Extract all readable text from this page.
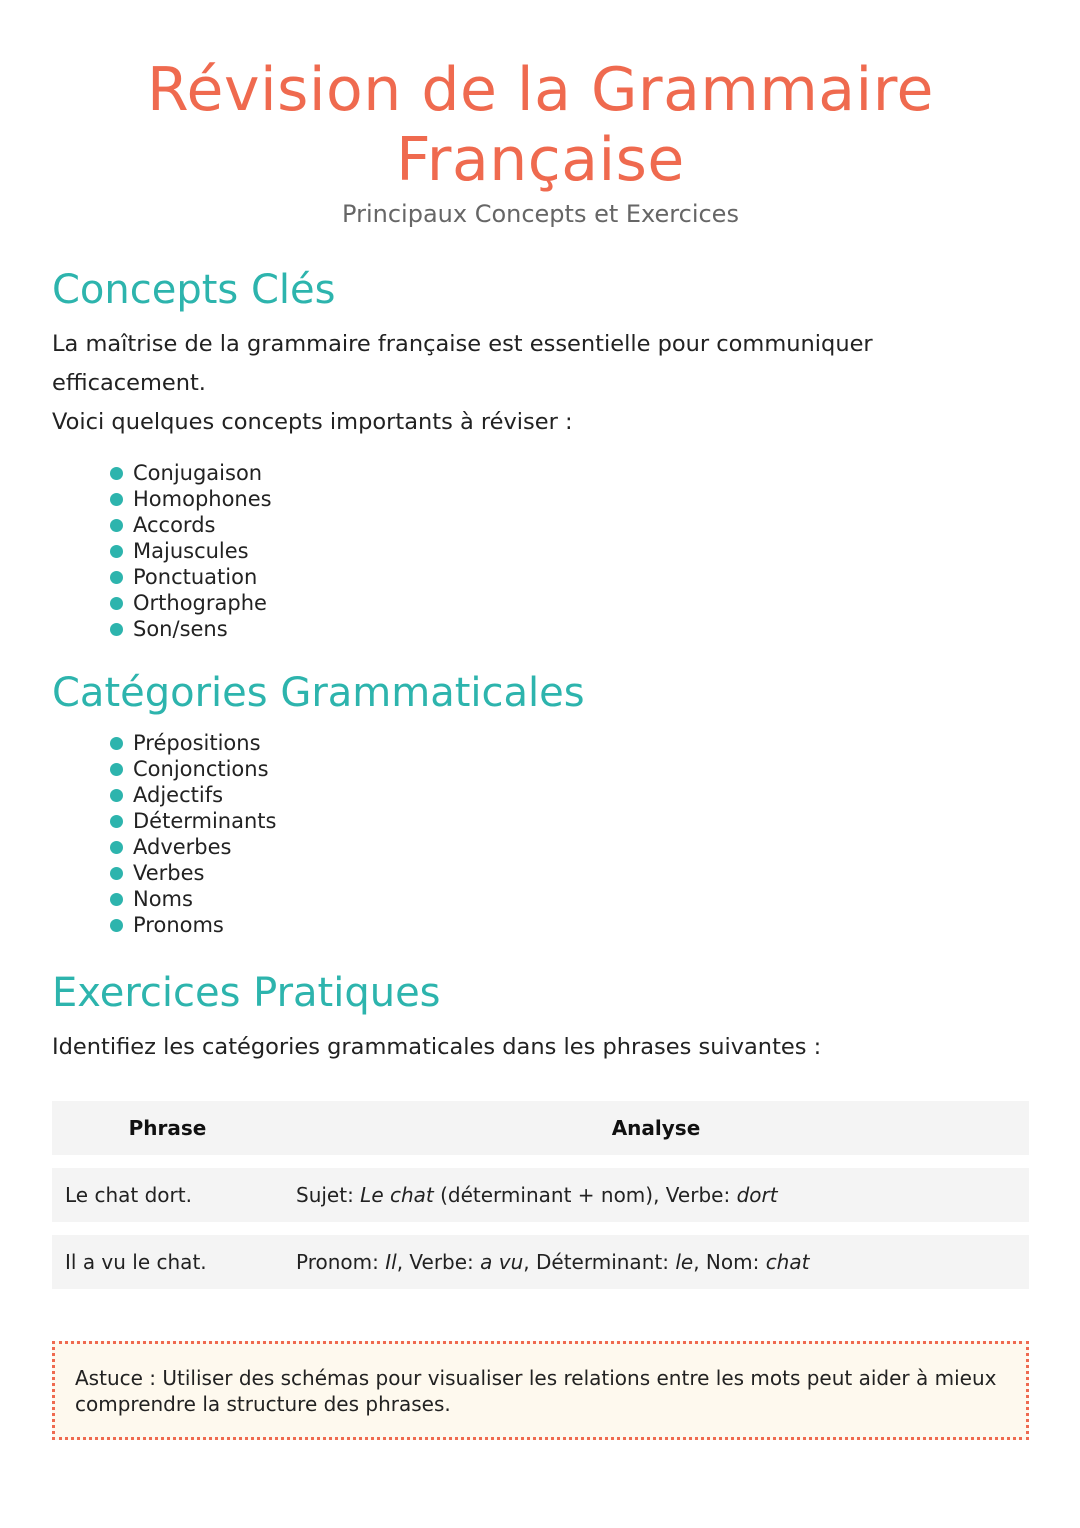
Révision de la Grammaire
Française

Principaux Concepts et Exercices

Concepts Clés

La maîtrise de la grammaire française est essentielle pour communiquer efficacement.
Voici quelques concepts importants à réviser :

Conjugaison
Homophones
Accords
Majuscules
Ponctuation
Orthographe
Son/sens
Catégories Grammaticales
Prépositions
Conjonctions
Adjectifs
Déterminants
Adverbes
Verbes
Noms
Pronoms
Exercices Pratiques

Identifiez les catégories grammaticales dans les phrases suivantes :

Phrase	Analyse
Le chat dort.	Sujet: Le chat (déterminant + nom), Verbe: dort
Il a vu le chat.	Pronom: Il, Verbe: a vu, Déterminant: le, Nom: chat
Astuce : Utiliser des schémas pour visualiser les relations entre les mots peut aider à mieux
comprendre la structure des phrases.
